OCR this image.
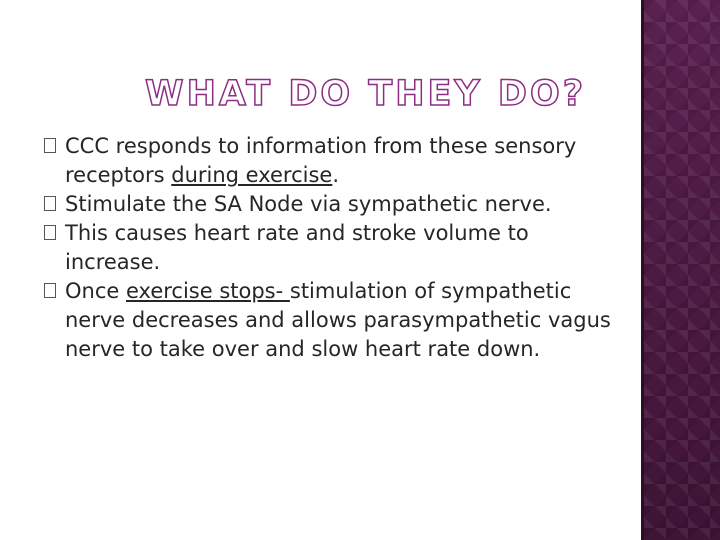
WHAT DO THEY DO?
CCC responds to information from these sensory receptors during exercise.
Stimulate the SA Node via sympathetic nerve.
This causes heart rate and stroke volume to increase.
Once exercise stops- stimulation of sympathetic nerve decreases and allows parasympathetic vagus nerve to take over and slow heart rate down.
